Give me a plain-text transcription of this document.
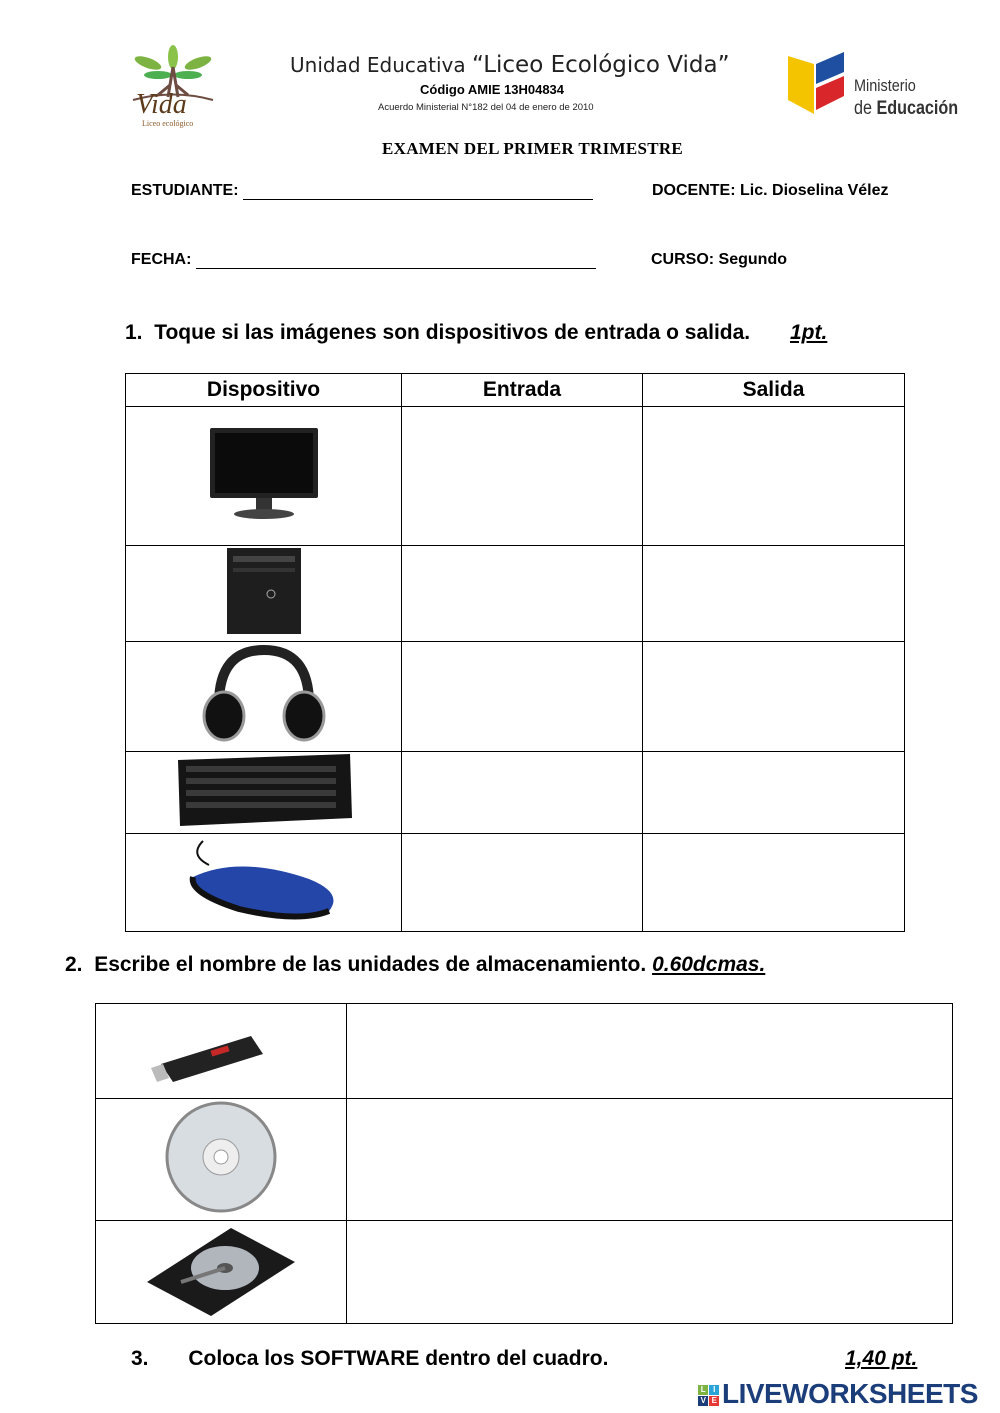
Vida
Liceo ecológico
Unidad Educativa “Liceo Ecológico Vida”
Código AMIE 13H04834
Acuerdo Ministerial N°182 del 04 de enero de 2010
Ministerio
de Educación
EXAMEN DEL PRIMER TRIMESTRE
ESTUDIANTE:	DOCENTE: Lic. Dioselina Vélez
FECHA:	CURSO: Segundo
1. Toque si las imágenes son dispositivos de entrada o salida. 1pt.
Dispositivo	Entrada	Salida

2. Escribe el nombre de las unidades de almacenamiento. 0.60dcmas.

3. Coloca los SOFTWARE dentro del cuadro.	1,40 pt.
L I
V E LIVEWORKSHEETS
